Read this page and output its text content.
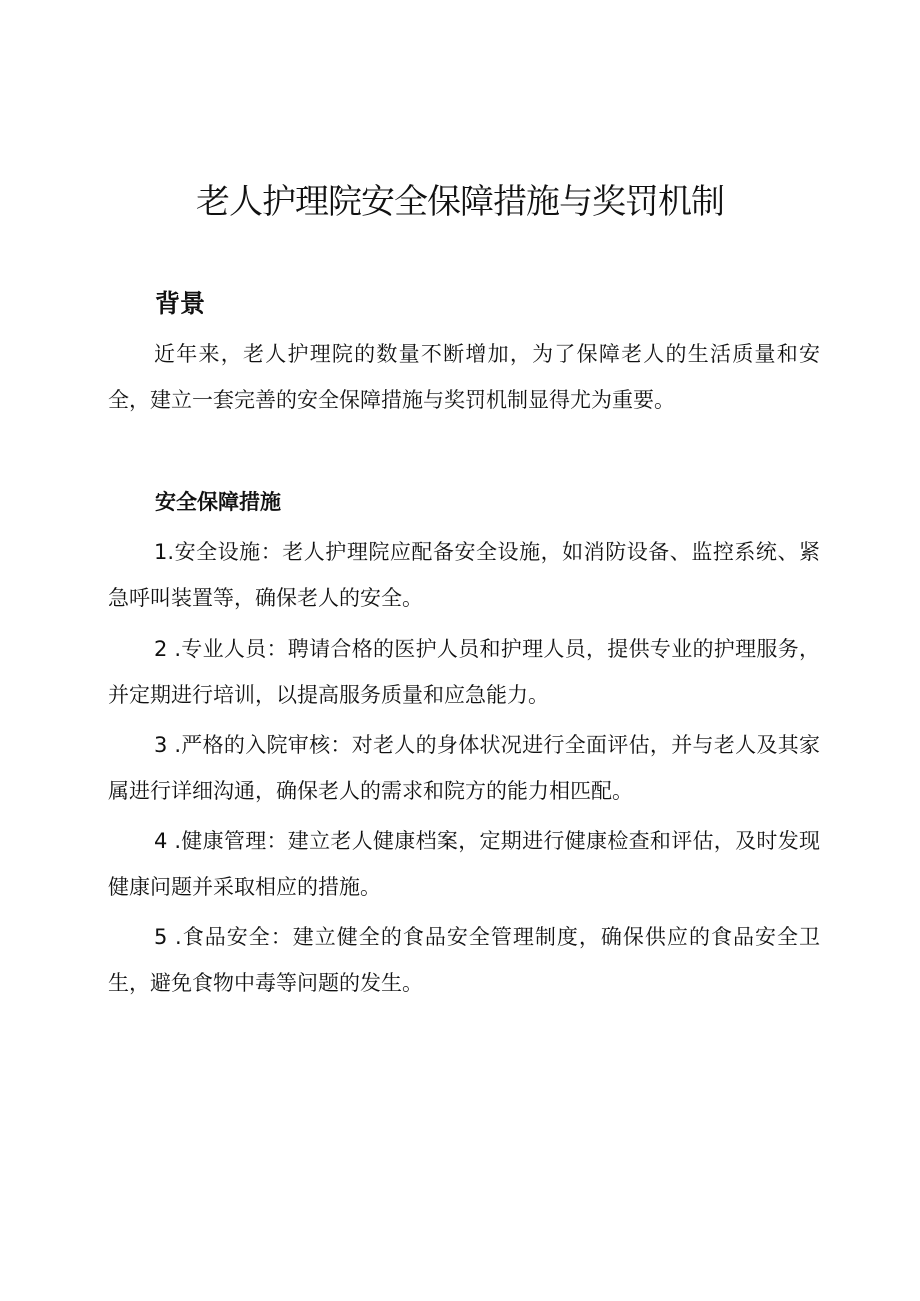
老人护理院安全保障措施与奖罚机制
背景

近年来，老人护理院的数量不断增加，为了保障老人的生活质量和安全，建立一套完善的安全保障措施与奖罚机制显得尤为重要。

安全保障措施

1.安全设施：老人护理院应配备安全设施，如消防设备、监控系统、紧急呼叫装置等，确保老人的安全。

2 .专业人员：聘请合格的医护人员和护理人员，提供专业的护理服务，并定期进行培训，以提高服务质量和应急能力。

3 .严格的入院审核：对老人的身体状况进行全面评估，并与老人及其家属进行详细沟通，确保老人的需求和院方的能力相匹配。

4 .健康管理：建立老人健康档案，定期进行健康检查和评估，及时发现健康问题并采取相应的措施。

5 .食品安全：建立健全的食品安全管理制度，确保供应的食品安全卫生，避免食物中毒等问题的发生。
